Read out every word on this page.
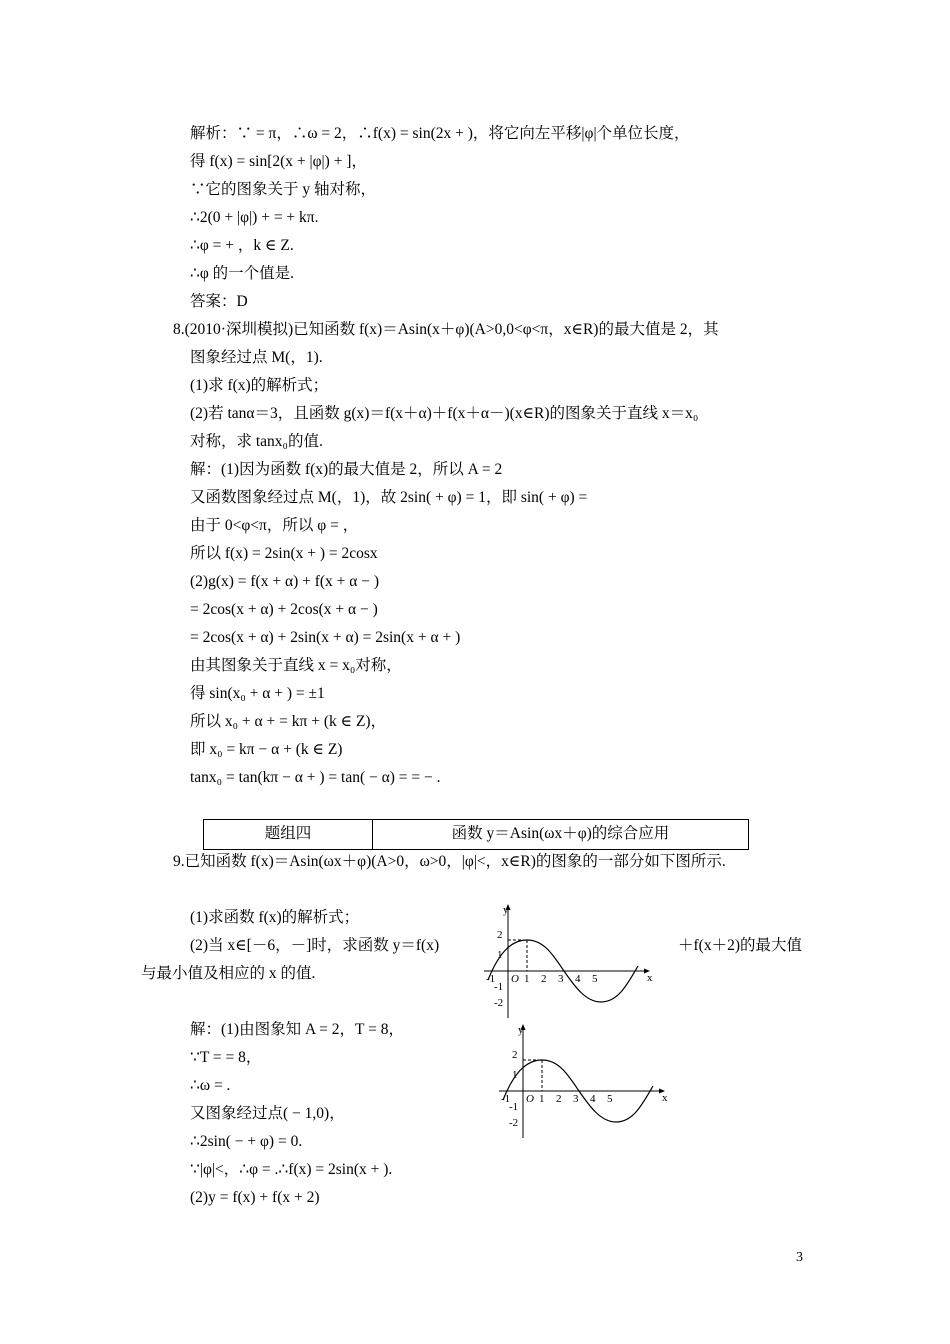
解析：∵ = π，∴ω = 2，∴f(x) = sin(2x + )，将它向左平移|φ|个单位长度，
得 f(x) = sin[2(x + |φ|) + ]，
∵它的图象关于 y 轴对称，
∴2(0 + |φ|) + = + kπ.
∴φ = + ，k ∈ Z.
∴φ 的一个值是.
答案：D
8.(2010·深圳模拟)已知函数 f(x)＝Asin(x＋φ)(A>0,0<φ<π，x∈R)的最大值是 2，其
图象经过点 M(，1).
(1)求 f(x)的解析式；
(2)若 tanα＝3，且函数 g(x)＝f(x＋α)＋f(x＋α－)(x∈R)的图象关于直线 x＝x₀
对称，求 tanx₀的值.
解：(1)因为函数 f(x)的最大值是 2，所以 A = 2
又函数图象经过点 M(，1)，故 2sin( + φ) = 1，即 sin( + φ) =
由于 0<φ<π，所以 φ = ，
所以 f(x) = 2sin(x + ) = 2cosx
(2)g(x) = f(x + α) + f(x + α − )
= 2cos(x + α) + 2cos(x + α − )
= 2cos(x + α) + 2sin(x + α) = 2sin(x + α + )
由其图象关于直线 x = x₀对称，
得 sin(x₀ + α + ) = ±1
所以 x₀ + α + = kπ + (k ∈ Z)，
即 x₀ = kπ − α + (k ∈ Z)
tanx₀ = tan(kπ − α + ) = tan( − α) = = − .
题组四	函数 y＝Asin(ωx＋φ)的综合应用
9.已知函数 f(x)＝Asin(ωx＋φ)(A>0，ω>0，|φ|<，x∈R)的图象的一部分如下图所示.
(1)求函数 f(x)的解析式；
(2)当 x∈[－6，－]时，求函数 y＝f(x)	＋f(x＋2)的最大值
与最小值及相应的 x 的值.
解：(1)由图象知 A = 2，T = 8，
∵T = = 8，
∴ω = .
又图象经过点( − 1,0)，
∴2sin( − + φ) = 0.
∵|φ|<，∴φ = .∴f(x) = 2sin(x + ).
(2)y = f(x) + f(x + 2)
y
x
O
2
1
-1
-2
-1	1 2 3 4 5
y
x
O
2
1
-1
-2
-1	1 2 3 4 5
3
